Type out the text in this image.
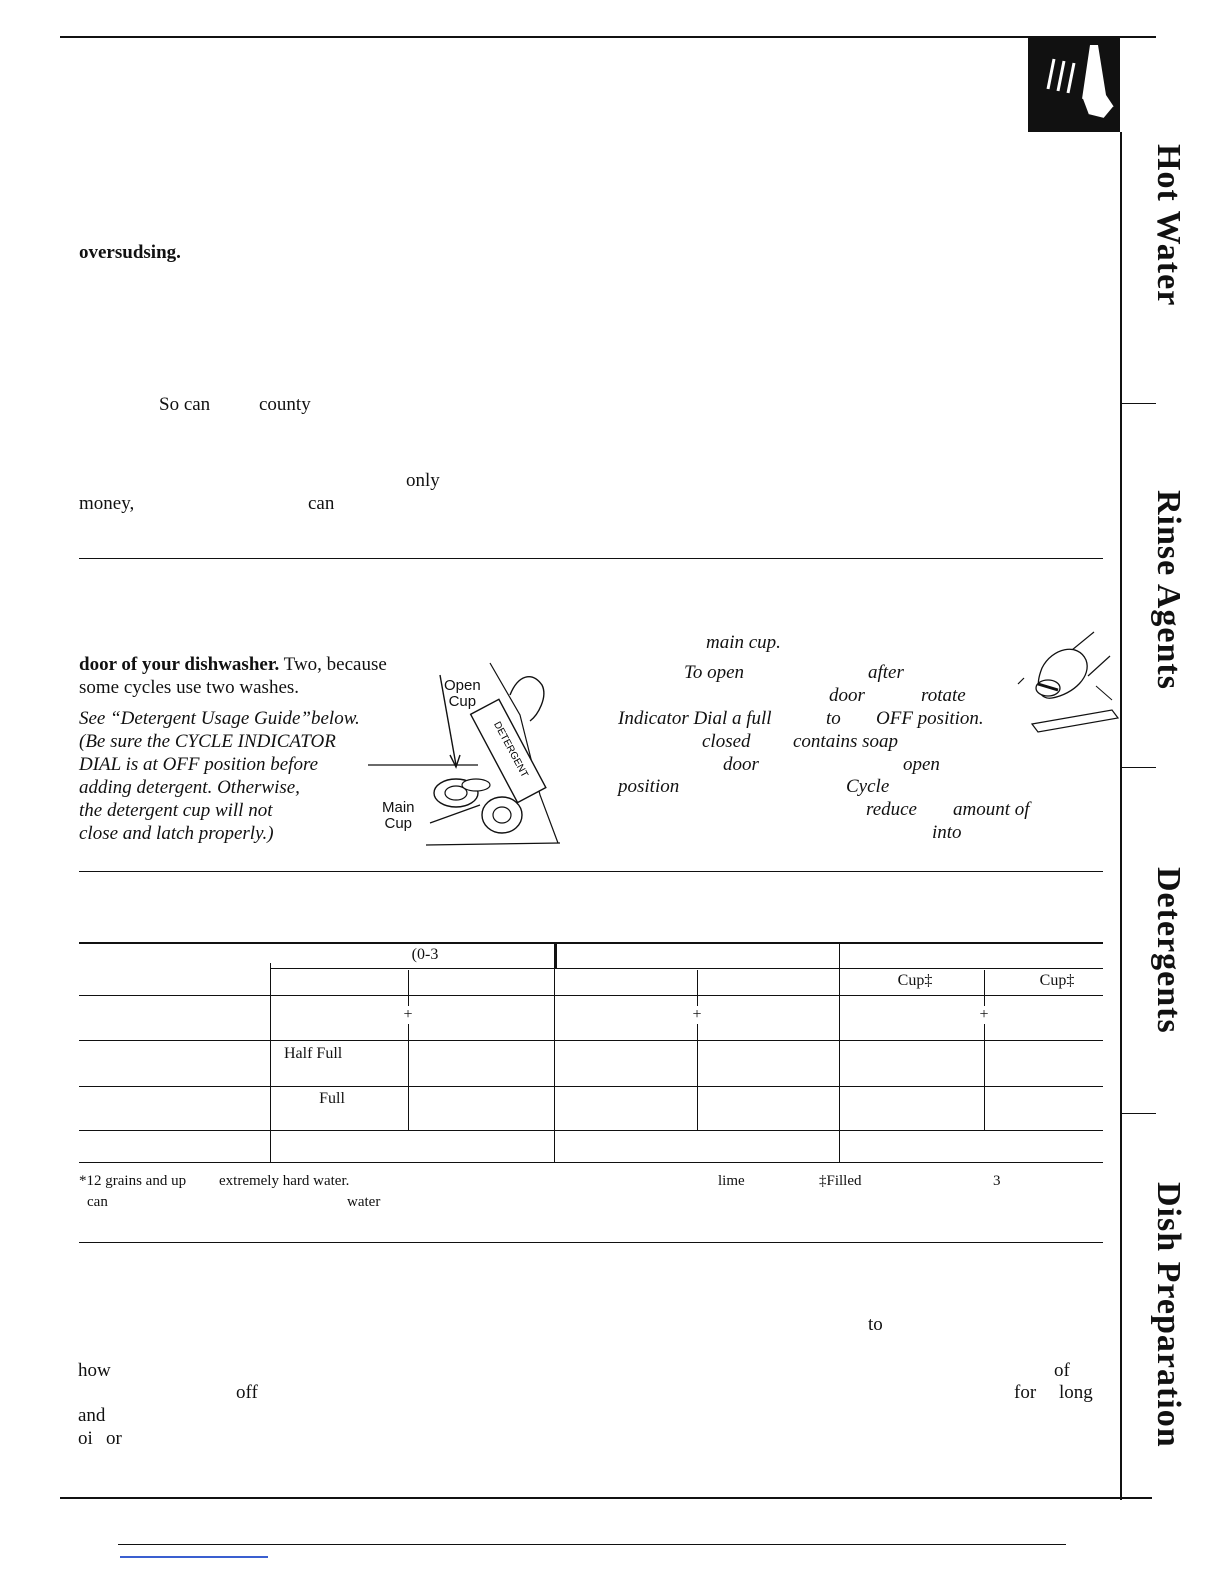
Hot Water
Rinse Agents
Detergents
Dish Preparation
oversudsing.
So can	county
only
money,	can
door of your dishwasher. Two, because
some cycles use two washes.
See “Detergent Usage Guide”below.
(Be sure the CYCLE INDICATOR
DIAL is at OFF position before
adding detergent. Otherwise,
the detergent cup will not
close and latch properly.)
Open
Cup
Main
Cup
DETERGENT
main cup.
To open	after
door	rotate
Indicator Dial a full	to OFF position.
closed contains soap
door	open
position	Cycle
reduce amount of
into
(0-3
Cup‡	Cup‡
+	+	+
Half Full
Full
*12 grains and up extremely hard water.	lime	‡Filled	3
can	water
to
how	of
off	for long
and
oi or
